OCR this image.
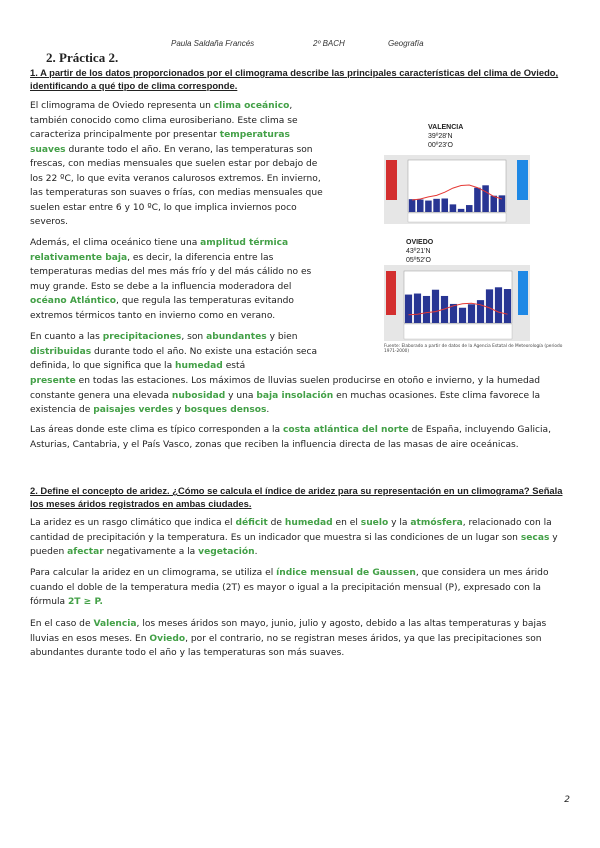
Paula Saldaña Francés	2º BACH	Geografía
2. Práctica 2.
1. A partir de los datos proporcionados por el climograma describe las principales características del clima de Oviedo, identificando a qué tipo de clima corresponde.

El climograma de Oviedo representa un clima oceánico, también conocido como clima eurosiberiano. Este clima se caracteriza principalmente por presentar temperaturas suaves durante todo el año. En verano, las temperaturas son frescas, con medias mensuales que suelen estar por debajo de los 22 ºC, lo que evita veranos calurosos extremos. En invierno, las temperaturas son suaves o frías, con medias mensuales que suelen estar entre 6 y 10 ºC, lo que implica inviernos poco severos.

Además, el clima oceánico tiene una amplitud térmica relativamente baja, es decir, la diferencia entre las temperaturas medias del mes más frío y del más cálido no es muy grande. Esto se debe a la influencia moderadora del océano Atlántico, que regula las temperaturas evitando extremos térmicos tanto en invierno como en verano.

En cuanto a las precipitaciones, son abundantes y bien distribuidas durante todo el año. No existe una estación seca definida, lo que significa que la humedad está

presente en todas las estaciones. Los máximos de lluvias suelen producirse en otoño e invierno, y la humedad constante genera una elevada nubosidad y una baja insolación en muchas ocasiones. Este clima favorece la existencia de paisajes verdes y bosques densos.

Las áreas donde este clima es típico corresponden a la costa atlántica del norte de España, incluyendo Galicia, Asturias, Cantabria, y el País Vasco, zonas que reciben la influencia directa de las masas de aire oceánicas.

2. Define el concepto de aridez. ¿Cómo se calcula el índice de aridez para su representación en un climograma? Señala los meses áridos registrados en ambas ciudades.

La aridez es un rasgo climático que indica el déficit de humedad en el suelo y la atmósfera, relacionado con la cantidad de precipitación y la temperatura. Es un indicador que muestra si las condiciones de un lugar son secas y pueden afectar negativamente a la vegetación.

Para calcular la aridez en un climograma, se utiliza el índice mensual de Gaussen, que considera un mes árido cuando el doble de la temperatura media (2T) es mayor o igual a la precipitación mensual (P), expresado con la fórmula 2T ≥ P.

En el caso de Valencia, los meses áridos son mayo, junio, julio y agosto, debido a las altas temperaturas y bajas lluvias en esos meses. En Oviedo, por el contrario, no se registran meses áridos, ya que las precipitaciones son abundantes durante todo el año y las temperaturas son más suaves.

VALENCIA
39º28'N
00º23'O
OVIEDO
43º21'N
05º52'O
Fuente: Elaborado a partir de datos de la Agencia Estatal de Meteorología (periodo 1971-2000)
2
